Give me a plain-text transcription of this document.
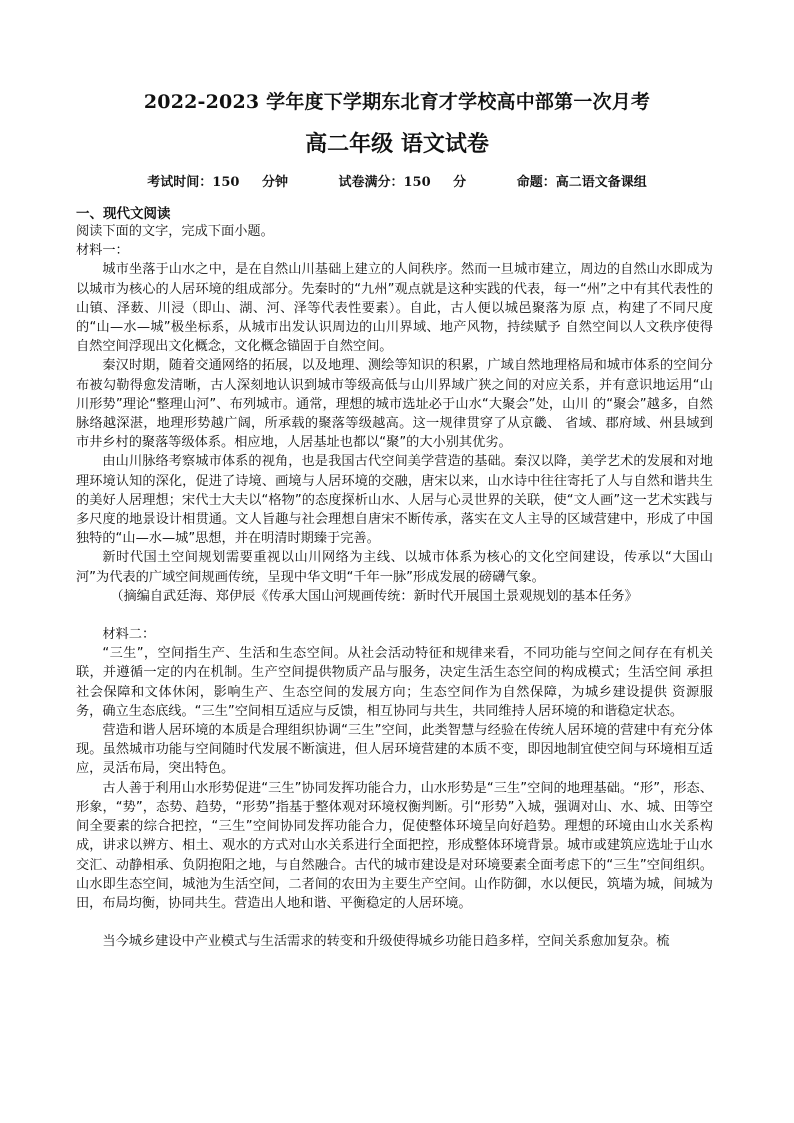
2022-2023 学年度下学期东北育才学校高中部第一次月考
高二年级 语文试卷
考试时间：150 分钟	试卷满分：150 分	命题：高二语文备课组
一、现代文阅读

阅读下面的文字，完成下面小题。

材料一：

城市坐落于山水之中，是在自然山川基础上建立的人间秩序。然而一旦城市建立，周边的自然山水即成为以城市为核心的人居环境的组成部分。先秦时的“九州”观点就是这种实践的代表，每一“州”之中有其代表性的山镇、泽薮、川浸（即山、湖、河、泽等代表性要素）。自此，古人便以城邑聚落为原 点，构建了不同尺度的“山—水—城”极坐标系，从城市出发认识周边的山川界域、地产风物，持续赋予 自然空间以人文秩序使得自然空间浮现出文化概念，文化概念锚固于自然空间。

秦汉时期，随着交通网络的拓展，以及地理、测绘等知识的积累，广域自然地理格局和城市体系的空间分布被勾勒得愈发清晰，古人深刻地认识到城市等级高低与山川界域广狭之间的对应关系，并有意识地运用“山川形势”理论“整理山河”、布列城市。通常，理想的城市选址必于山水“大聚会”处，山川 的“聚会”越多，自然脉络越深湛，地理形势越广阔，所承载的聚落等级越高。这一规律贯穿了从京畿、 省域、郡府域、州县域到市井乡村的聚落等级体系。相应地，人居基址也都以“聚”的大小别其优劣。

由山川脉络考察城市体系的视角，也是我国古代空间美学营造的基础。秦汉以降，美学艺术的发展和对地理环境认知的深化，促进了诗境、画境与人居环境的交融，唐宋以来，山水诗中往往寄托了人与自然和谐共生的美好人居理想；宋代士大夫以“格物”的态度探析山水、人居与心灵世界的关联，使“文人画”这一艺术实践与多尺度的地景设计相贯通。文人旨趣与社会理想自唐宋不断传承，落实在文人主导的区域营建中，形成了中国独特的“山—水—城”思想，并在明清时期臻于完善。

新时代国土空间规划需要重视以山川网络为主线、以城市体系为核心的文化空间建设，传承以“大国山河”为代表的广域空间规画传统，呈现中华文明“千年一脉”形成发展的磅礴气象。

（摘编自武廷海、郑伊辰《传承大国山河规画传统：新时代开展国土景观规划的基本任务》

材料二：

“三生”，空间指生产、生活和生态空间。从社会活动特征和规律来看，不同功能与空间之间存在有机关 联，并遵循一定的内在机制。生产空间提供物质产品与服务，决定生活生态空间的构成模式；生活空间 承担社会保障和文体休闲，影响生产、生态空间的发展方向；生态空间作为自然保障，为城乡建设提供 资源服务，确立生态底线。“三生”空间相互适应与反馈，相互协同与共生，共同维持人居环境的和谐稳定状态。

营造和谐人居环境的本质是合理组织协调“三生”空间，此类智慧与经验在传统人居环境的营建中有充分体现。虽然城市功能与空间随时代发展不断演进，但人居环境营建的本质不变，即因地制宜使空间与环境相互适应，灵活布局，突出特色。

古人善于利用山水形势促进“三生”协同发挥功能合力，山水形势是“三生”空间的地理基础。“形”，形态、形象，“势”，态势、趋势，“形势”指基于整体观对环境权衡判断。引“形势”入城，强调对山、水、城、田等空间全要素的综合把控，“三生”空间协同发挥功能合力，促使整体环境呈向好趋势。理想的环境由山水关系构成，讲求以辨方、相土、观水的方式对山水关系进行全面把控，形成整体环境背景。城市或建筑应选址于山水交汇、动静相承、负阴抱阳之地，与自然融合。古代的城市建设是对环境要素全面考虑下的“三生”空间组织。山水即生态空间，城池为生活空间，二者间的农田为主要生产空间。山作防御，水以便民，筑墙为城，间城为田，布局均衡，协同共生。营造出人地和谐、平衡稳定的人居环境。

当今城乡建设中产业模式与生活需求的转变和升级使得城乡功能日趋多样，空间关系愈加复杂。梳
